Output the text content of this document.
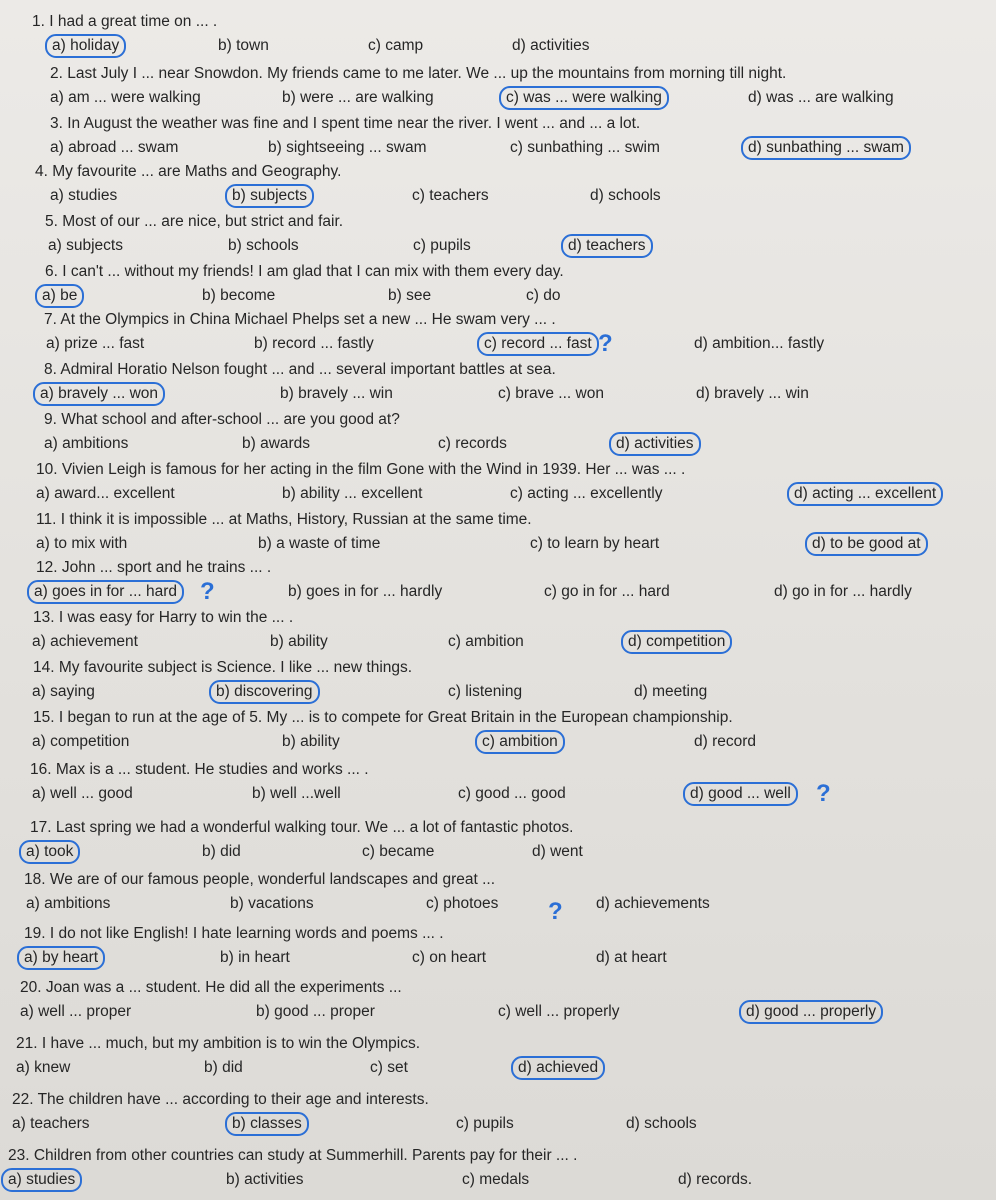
1. I had a great time on ... .
a) holiday	b) town	c) camp	d) activities
2. Last July I ... near Snowdon. My friends came to me later. We ... up the mountains from morning till night.
a) am ... were walking	b) were ... are walking	c) was ... were walking	d) was ... are walking
3. In August the weather was fine and I spent time near the river. I went ... and ... a lot.
a) abroad ... swam	b) sightseeing ... swam	c) sunbathing ... swim	d) sunbathing ... swam
4. My favourite ... are Maths and Geography.
a) studies	b) subjects	c) teachers	d) schools
5. Most of our ... are nice, but strict and fair.
a) subjects	b) schools	c) pupils	d) teachers
6. I can't ... without my friends! I am glad that I can mix with them every day.
a) be	b) become	b) see	c) do
7. At the Olympics in China Michael Phelps set a new ... He swam very ... .
a) prize ... fast	b) record ... fastly	c) record ... fast	d) ambition... fastly
?
8. Admiral Horatio Nelson fought ... and ... several important battles at sea.
a) bravely ... won	b) bravely ... win	c) brave ... won	d) bravely ... win
9. What school and after-school ... are you good at?
a) ambitions	b) awards	c) records	d) activities
10. Vivien Leigh is famous for her acting in the film Gone with the Wind in 1939. Her ... was ... .
a) award... excellent	b) ability ... excellent	c) acting ... excellently	d) acting ... excellent
11. I think it is impossible ... at Maths, History, Russian at the same time.
a) to mix with	b) a waste of time	c) to learn by heart	d) to be good at
12. John ... sport and he trains ... .
a) goes in for ... hard	b) goes in for ... hardly	c) go in for ... hard	d) go in for ... hardly
?
13. I was easy for Harry to win the ... .
a) achievement	b) ability	c) ambition	d) competition
14. My favourite subject is Science. I like ... new things.
a) saying	b) discovering	c) listening	d) meeting
15. I began to run at the age of 5. My ... is to compete for Great Britain in the European championship.
a) competition	b) ability	c) ambition	d) record
16. Max is a ... student. He studies and works ... .
a) well ... good	b) well ...well	c) good ... good	d) good ... well ?
17. Last spring we had a wonderful walking tour. We ... a lot of fantastic photos.
a) took	b) did	c) became	d) went
18. We are of our famous people, wonderful landscapes and great ...
a) ambitions	b) vacations	c) photoes	d) achievements
?
19. I do not like English! I hate learning words and poems ... .
a) by heart	b) in heart	c) on heart	d) at heart
20. Joan was a ... student. He did all the experiments ...
a) well ... proper	b) good ... proper	c) well ... properly	d) good ... properly
21. I have ... much, but my ambition is to win the Olympics.
a) knew	b) did	c) set	d) achieved
22. The children have ... according to their age and interests.
a) teachers	b) classes	c) pupils	d) schools
23. Children from other countries can study at Summerhill. Parents pay for their ... .
a) studies	b) activities	c) medals	d) records.
